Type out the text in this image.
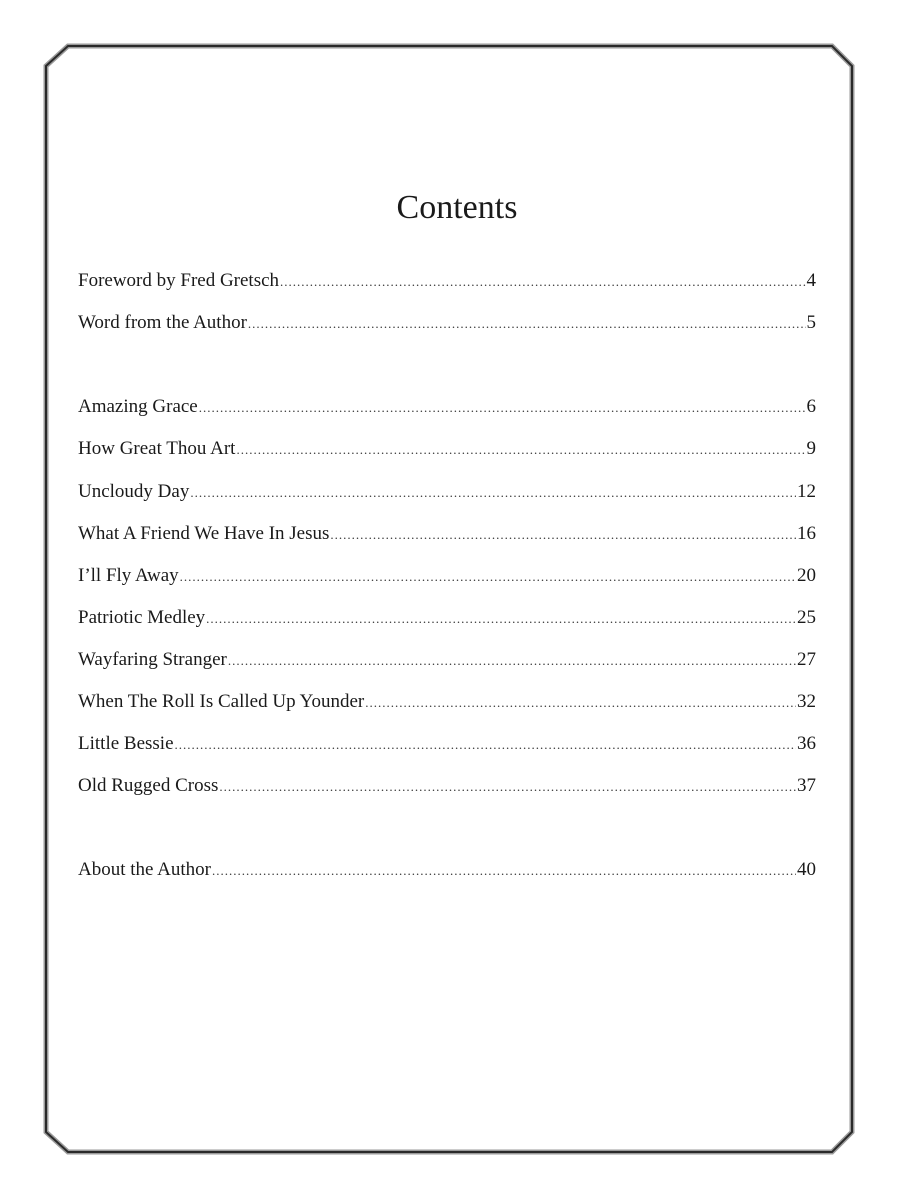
Contents
Foreword by Fred Gretsch .....	4
Word from the Author .....	5
Amazing Grace .....	6
How Great Thou Art .....	9
Uncloudy Day .....	12
What A Friend We Have In Jesus .....	16
I’ll Fly Away .....	20
Patriotic Medley .....	25
Wayfaring Stranger .....	27
When The Roll Is Called Up Younder .....	32
Little Bessie .....	36
Old Rugged Cross .....	37
About the Author .....	40
